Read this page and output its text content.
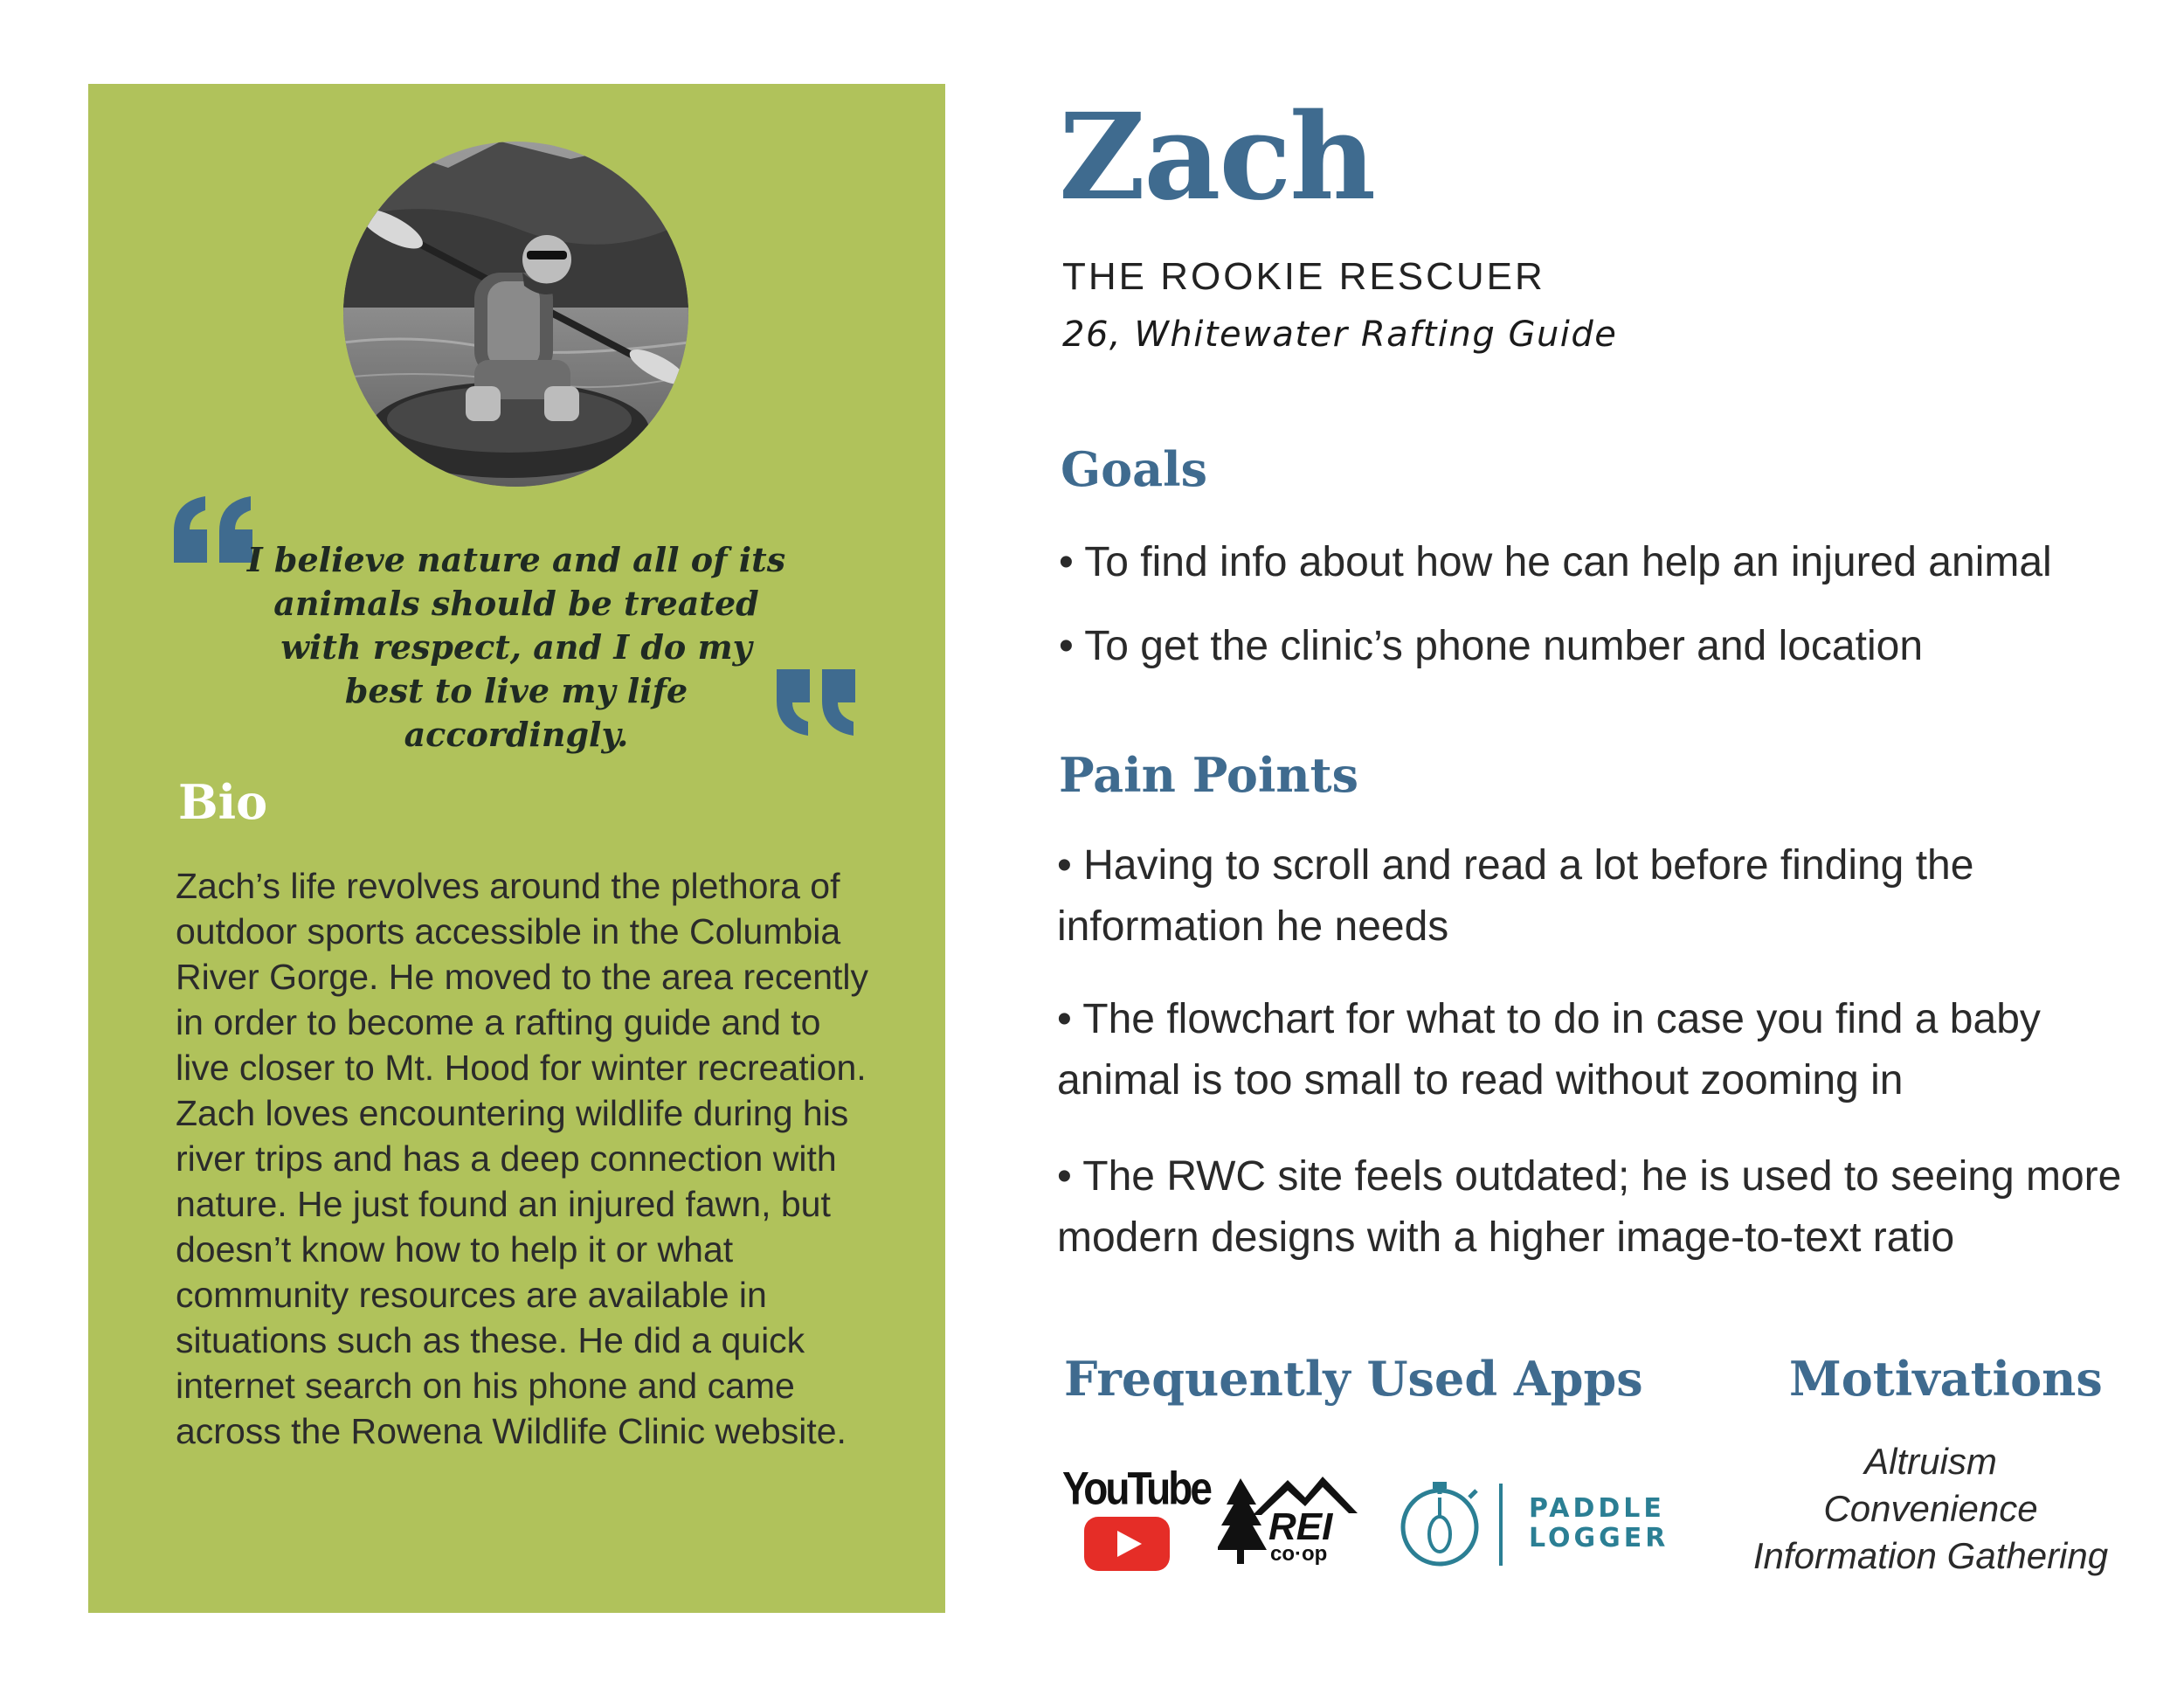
I believe nature and all of its animals should be treated with respect, and I do my best to live my life accordingly.
Bio
Zach’s life revolves around the plethora of outdoor sports accessible in the Columbia River Gorge. He moved to the area recently in order to become a rafting guide and to live closer to Mt. Hood for winter recreation. Zach loves encountering wildlife during his river trips and has a deep connection with nature. He just found an injured fawn, but doesn’t know how to help it or what community resources are available in situations such as these. He did a quick internet search on his phone and came across the Rowena Wildlife Clinic website.
Zach
THE ROOKIE RESCUER
26, Whitewater Rafting Guide
Goals
• To find info about how he can help an injured animal
• To get the clinic’s phone number and location
Pain Points
• Having to scroll and read a lot before finding the information he needs
• The flowchart for what to do in case you find a baby animal is too small to read without zooming in
• The RWC site feels outdated; he is used to seeing more modern designs with a higher image-to-text ratio
Frequently Used Apps	Motivations
Altruism
Convenience
Information Gathering
YouTube
REI
co·op
PADDLE
LOGGER
